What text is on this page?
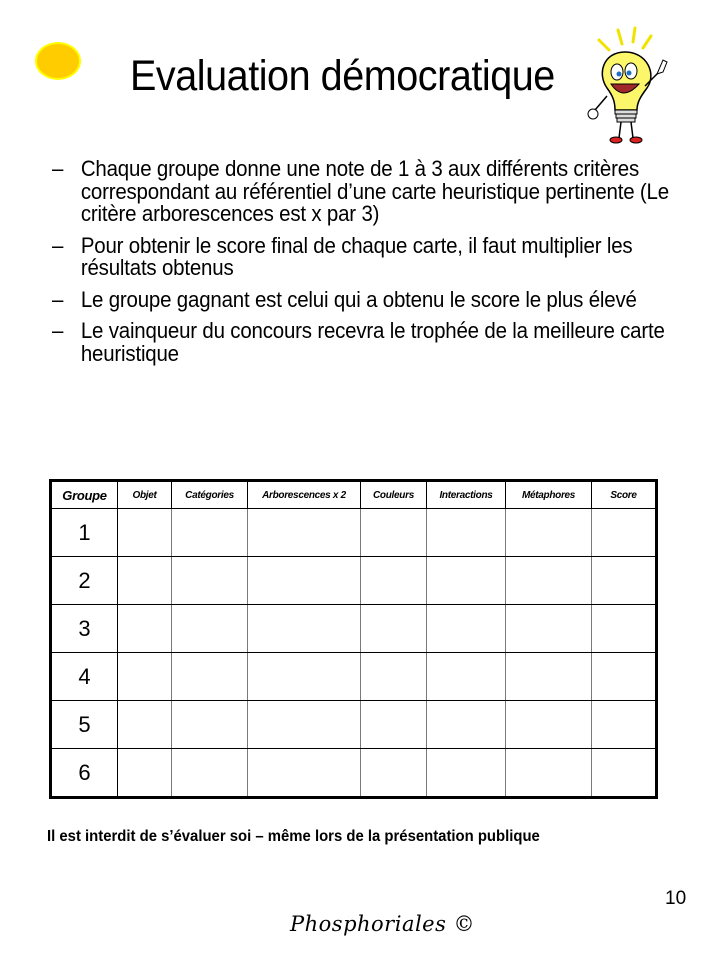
Evaluation démocratique
– Chaque groupe donne une note de 1 à 3 aux différents critères correspondant au référentiel d’une carte heuristique pertinente (Le critère arborescences est x par 3)
– Pour obtenir le score final de chaque carte, il faut multiplier les résultats obtenus
– Le groupe gagnant est celui qui a obtenu le score le plus élevé
– Le vainqueur du concours recevra le trophée de la meilleure carte heuristique
Groupe	Objet	Catégories	Arborescences x 2	Couleurs	Interactions	Métaphores	Score
1							
2							
3							
4							
5							
6							
Il est interdit de s’évaluer soi – même lors de la présentation publique
10
Phosphoriales ©
